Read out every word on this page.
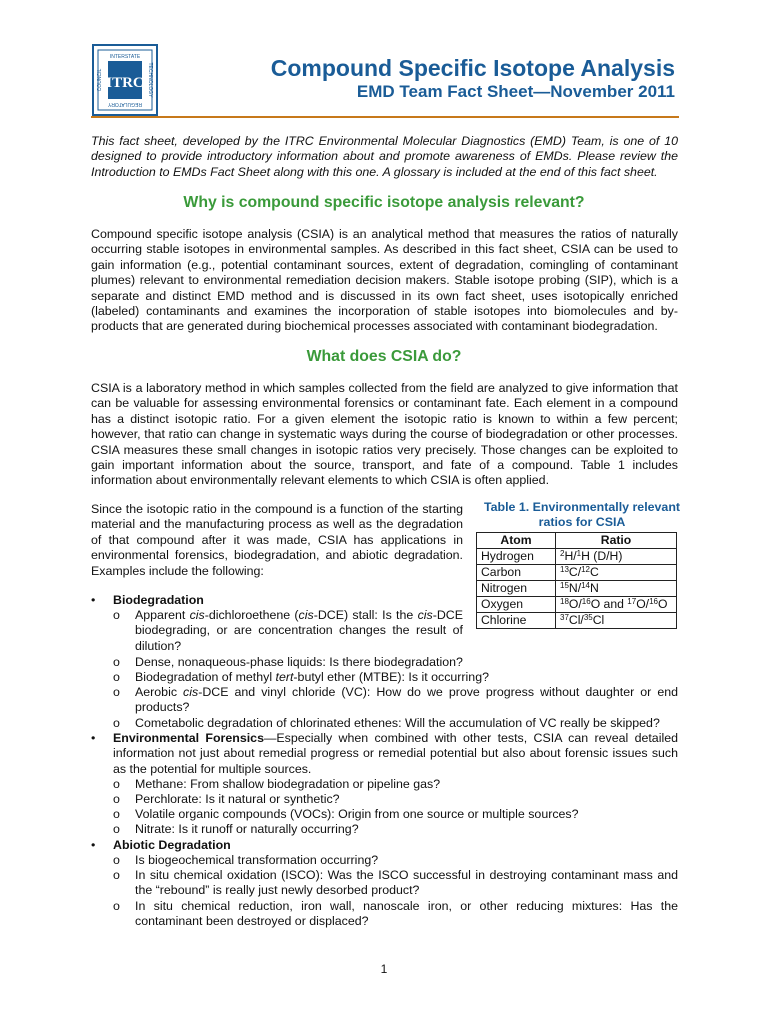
ITRC
INTERSTATE
REGULATORY
TECHNOLOGY
COUNCIL	Compound Specific Isotope Analysis
EMD Team Fact Sheet—November 2011

This fact sheet, developed by the ITRC Environmental Molecular Diagnostics (EMD) Team, is one of 10 designed to provide introductory information about and promote awareness of EMDs. Please review the Introduction to EMDs Fact Sheet along with this one. A glossary is included at the end of this fact sheet.

Why is compound specific isotope analysis relevant?

Compound specific isotope analysis (CSIA) is an analytical method that measures the ratios of naturally occurring stable isotopes in environmental samples. As described in this fact sheet, CSIA can be used to gain information (e.g., potential contaminant sources, extent of degradation, comingling of contaminant plumes) relevant to environmental remediation decision makers. Stable isotope probing (SIP), which is a separate and distinct EMD method and is discussed in its own fact sheet, uses isotopically enriched (labeled) contaminants and examines the incorporation of stable isotopes into biomolecules and by-products that are generated during biochemical processes associated with contaminant biodegradation.

What does CSIA do?

CSIA is a laboratory method in which samples collected from the field are analyzed to give information that can be valuable for assessing environmental forensics or contaminant fate. Each element in a compound has a distinct isotopic ratio. For a given element the isotopic ratio is known to within a few percent; however, that ratio can change in systematic ways during the course of biodegradation or other processes. CSIA measures these small changes in isotopic ratios very precisely. Those changes can be exploited to gain important information about the source, transport, and fate of a compound. Table 1 includes information about environmentally relevant elements to which CSIA is often applied.

Since the isotopic ratio in the compound is a function of the starting material and the manufacturing process as well as the degradation of that compound after it was made, CSIA has applications in environmental forensics, biodegradation, and abiotic degradation. Examples include the following:

Table 1. Environmentally relevant ratios for CSIA

Atom	Ratio
Hydrogen	$^2$H/$^1$H (D/H)
Carbon	$^{13}$C/$^{12}$C
Nitrogen	$^{15}$N/$^{14}$N
Oxygen	$^{18}$O/$^{16}$O and $^{17}$O/$^{16}$O
Chlorine	$^{37}$Cl/$^{35}$Cl
• Biodegradation
o Apparent cis-dichloroethene (cis-DCE) stall: Is the cis-DCE biodegrading, or are concentration changes the result of dilution?
o Dense, nonaqueous-phase liquids: Is there biodegradation?
o Biodegradation of methyl tert-butyl ether (MTBE): Is it occurring?
o Aerobic cis-DCE and vinyl chloride (VC): How do we prove progress without daughter or end products?
o Cometabolic degradation of chlorinated ethenes: Will the accumulation of VC really be skipped?
• Environmental Forensics—Especially when combined with other tests, CSIA can reveal detailed information not just about remedial progress or remedial potential but also about forensic issues such as the potential for multiple sources.
o Methane: From shallow biodegradation or pipeline gas?
o Perchlorate: Is it natural or synthetic?
o Volatile organic compounds (VOCs): Origin from one source or multiple sources?
o Nitrate: Is it runoff or naturally occurring?
• Abiotic Degradation
o Is biogeochemical transformation occurring?
o In situ chemical oxidation (ISCO): Was the ISCO successful in destroying contaminant mass and the “rebound” is really just newly desorbed product?
o In situ chemical reduction, iron wall, nanoscale iron, or other reducing mixtures: Has the contaminant been destroyed or displaced?

1
